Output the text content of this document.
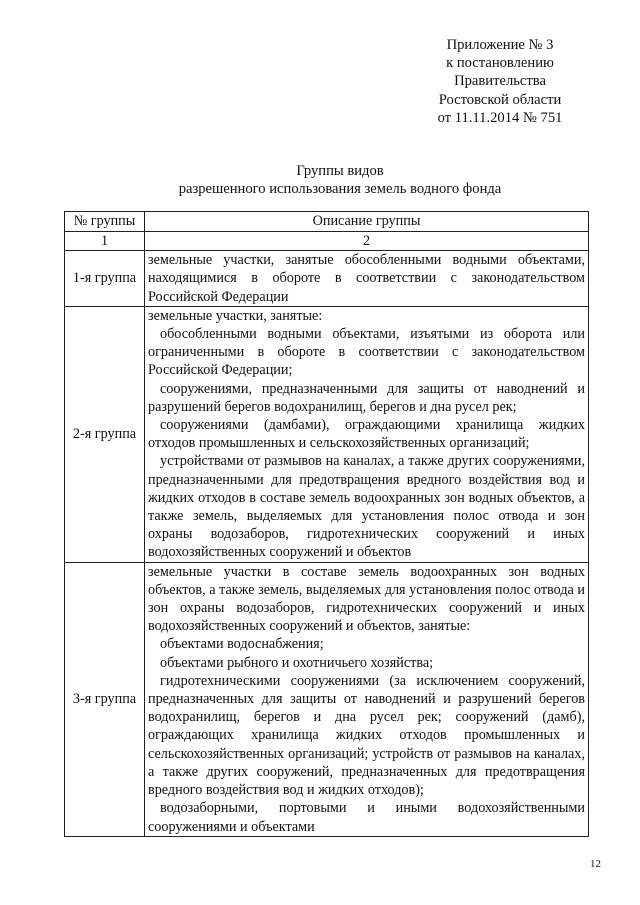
Приложение № 3
к постановлению
Правительства
Ростовской области
от 11.11.2014 № 751
Группы видов
разрешенного использования земель водного фонда
№ группы	Описание группы
1	2
1-я группа	земельные участки, занятые обособленными водными объектами, находящимися в обороте в соответствии с законодательством Российской Федерации

2-я группа	земельные участки, занятые:
обособленными водными объектами, изъятыми из оборота или ограниченными в обороте в соответствии с законодательством Российской Федерации;
сооружениями, предназначенными для защиты от наводнений и разрушений берегов водохранилищ, берегов и дна русел рек;
сооружениями (дамбами), ограждающими хранилища жидких отходов промышленных и сельскохозяйственных организаций;
устройствами от размывов на каналах, а также других сооружениями, предназначенными для предотвращения вредного воздействия вод и жидких отходов в составе земель водоохранных зон водных объектов, а также земель, выделяемых для установления полос отвода и зон охраны водозаборов, гидротехнических сооружений и иных водохозяйственных сооружений и объектов

3-я группа	земельные участки в составе земель водоохранных зон водных объектов, а также земель, выделяемых для установления полос отвода и зон охраны водозаборов, гидротехнических сооружений и иных водохозяйственных сооружений и объектов, занятые:
объектами водоснабжения;
объектами рыбного и охотничьего хозяйства;
гидротехническими сооружениями (за исключением сооружений, предназначенных для защиты от наводнений и разрушений берегов водохранилищ, берегов и дна русел рек; сооружений (дамб), ограждающих хранилища жидких отходов промышленных и сельскохозяйственных организаций; устройств от размывов на каналах, а также других сооружений, предназначенных для предотвращения вредного воздействия вод и жидких отходов);
водозаборными, портовыми и иными водохозяйственными сооружениями и объектами
12
